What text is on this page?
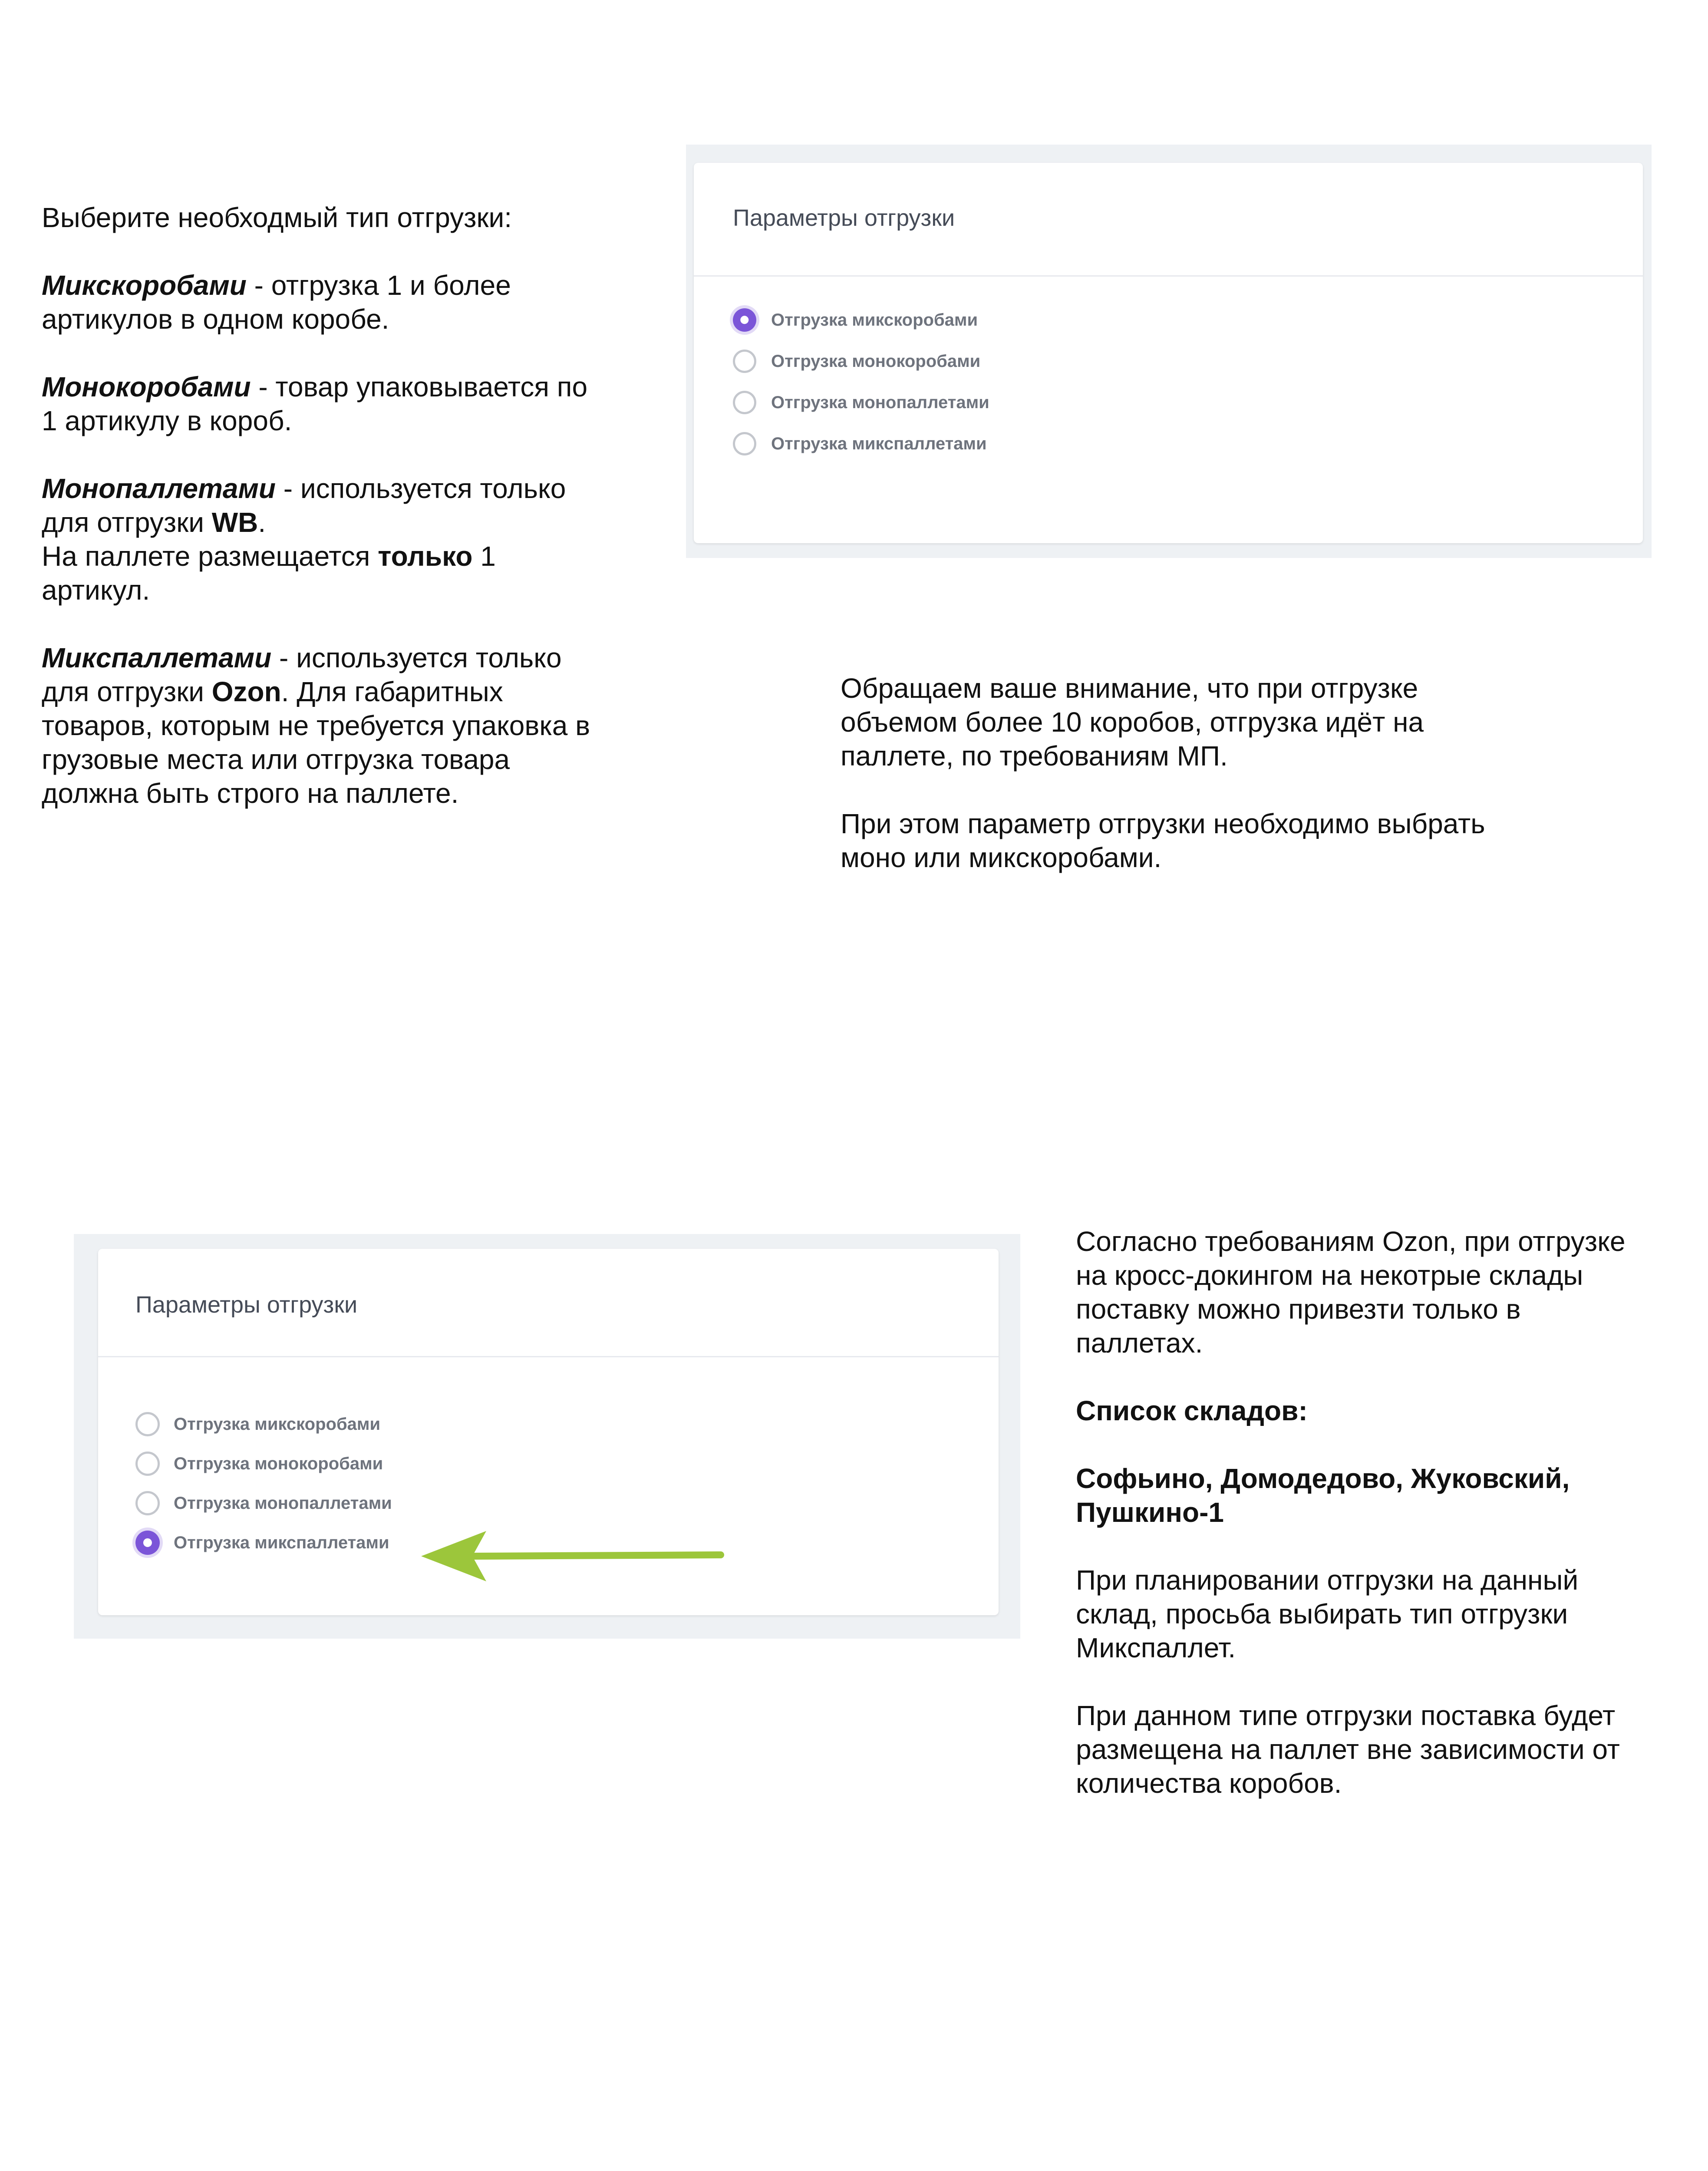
Выберите необходмый тип отгрузки:

Микскоробами - отгрузка 1 и более
артикулов в одном коробе.

Монокоробами - товар упаковывается по
1 артикулу в короб.

Монопаллетами - используется только
для отгрузки WB.
На паллете размещается только 1
артикул.

Микспаллетами - используется только
для отгрузки Ozon. Для габаритных
товаров, которым не требуется упаковка в
грузовые места или отгрузка товара
должна быть строго на паллете.

Параметры отгрузки
Отгрузка микскоробами
Отгрузка монокоробами
Отгрузка монопаллетами
Отгрузка микспаллетами

Обращаем ваше внимание, что при отгрузке
объемом более 10 коробов, отгрузка идёт на
паллете, по требованиям МП.

При этом параметр отгрузки необходимо выбрать
моно или микскоробами.

Параметры отгрузки
Отгрузка микскоробами
Отгрузка монокоробами
Отгрузка монопаллетами
Отгрузка микспаллетами

Согласно требованиям Ozon, при отгрузке
на кросс-докингом на некотрые склады
поставку можно привезти только в
паллетах.

Список складов:

Софьино, Домодедово, Жуковский,
Пушкино-1

При планировании отгрузки на данный
склад, просьба выбирать тип отгрузки
Микспаллет.

При данном типе отгрузки поставка будет
размещена на паллет вне зависимости от
количества коробов.
